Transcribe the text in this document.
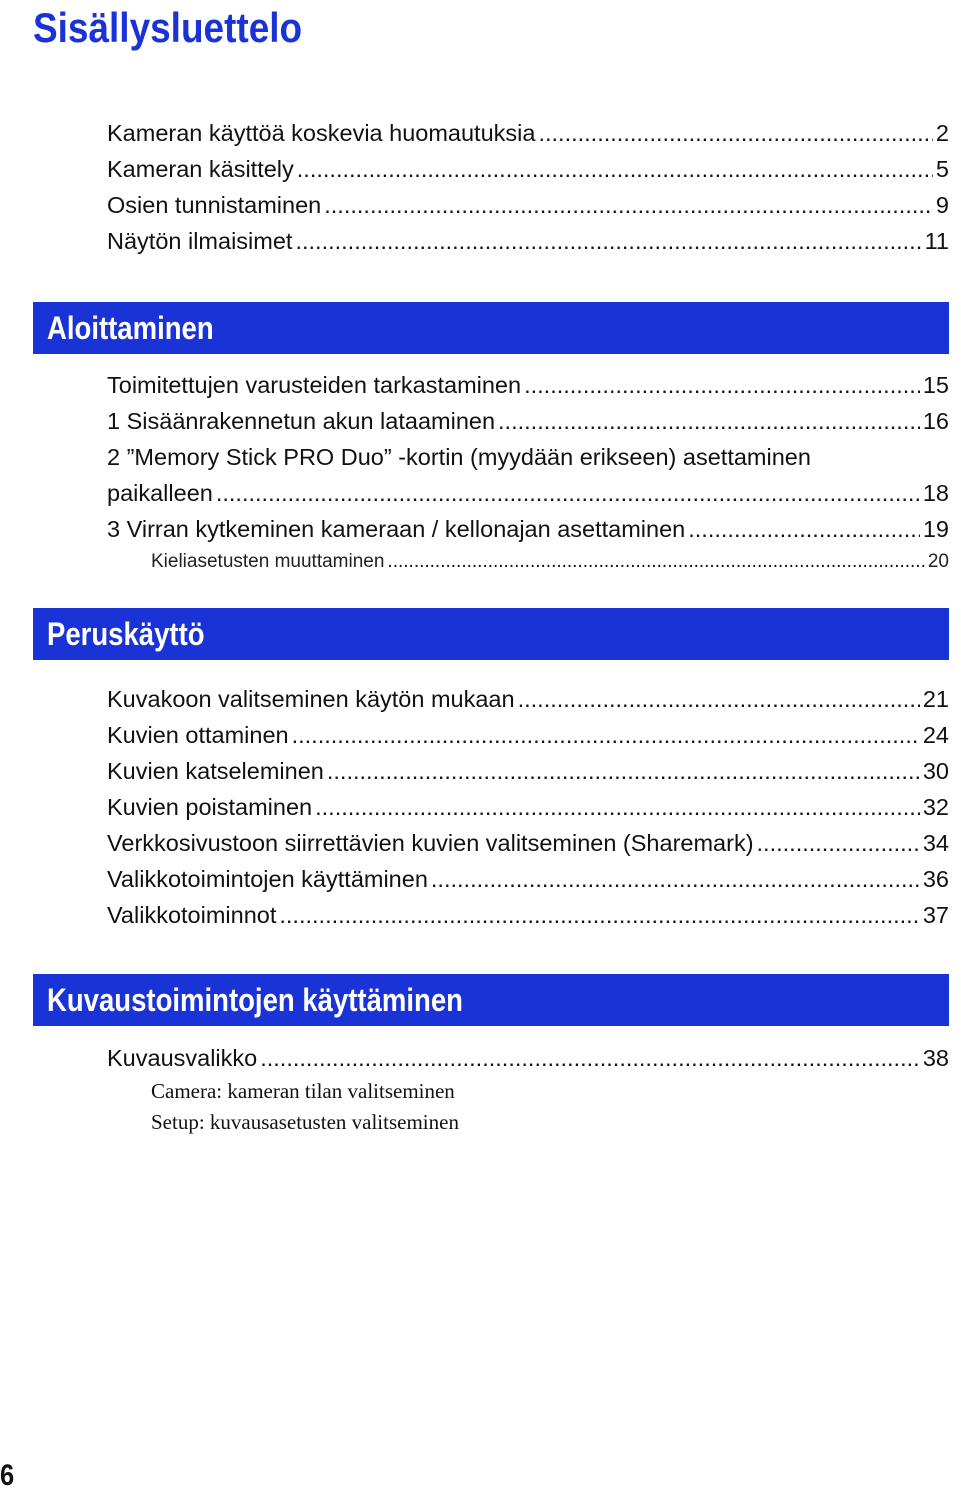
Sisällysluettelo
Kameran käyttöä koskevia huomautuksia .....	2
Kameran käsittely .....	5
Osien tunnistaminen .....	9
Näytön ilmaisimet .....	11
Aloittaminen
Toimitettujen varusteiden tarkastaminen .....	15
1 Sisäänrakennetun akun lataaminen .....	16
2 ”Memory Stick PRO Duo” -kortin (myydään erikseen) asettaminen
paikalleen .....	18
3 Virran kytkeminen kameraan / kellonajan asettaminen .....	19
Kieliasetusten muuttaminen .....	20
Peruskäyttö
Kuvakoon valitseminen käytön mukaan .....	21
Kuvien ottaminen .....	24
Kuvien katseleminen .....	30
Kuvien poistaminen .....	32
Verkkosivustoon siirrettävien kuvien valitseminen (Sharemark) .....	34
Valikkotoimintojen käyttäminen .....	36
Valikkotoiminnot .....	37
Kuvaustoimintojen käyttäminen
Kuvausvalikko .....	38
Camera: kameran tilan valitseminen
Setup: kuvausasetusten valitseminen
6
